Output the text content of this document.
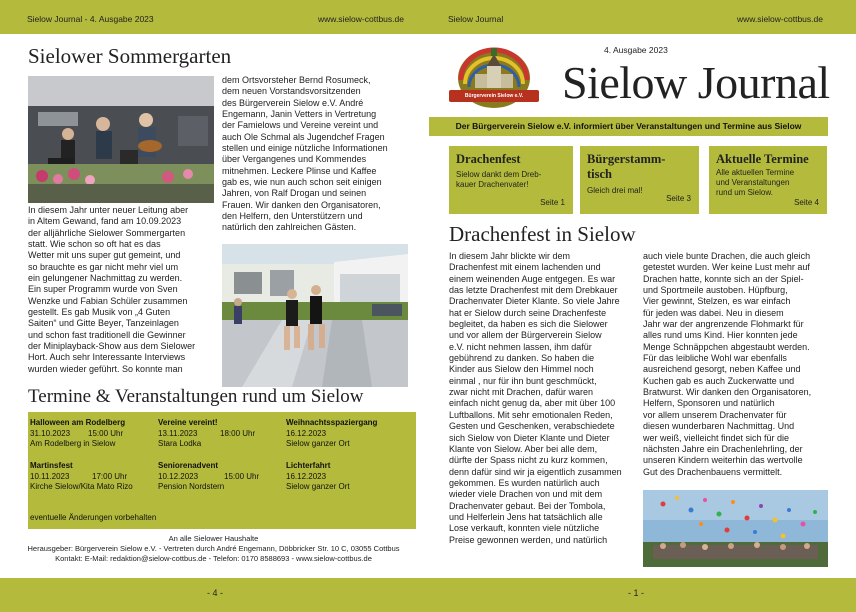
Sielow Journal - 4. Ausgabe 2023	www.sielow-cottbus.de	Sielow Journal	www.sielow-cottbus.de
- 4 -	- 1 -
Sielower Sommergarten
In diesem Jahr unter neuer Leitung aber
in Altem Gewand, fand am 10.09.2023
der alljährliche Sielower Sommergarten
statt. Wie schon so oft hat es das
Wetter mit uns super gut gemeint, und
so brauchte es gar nicht mehr viel um
ein gelungener Nachmittag zu werden.
Ein super Programm wurde von Sven
Wenzke und Fabian Schüler zusammen
gestellt. Es gab Musik von „4 Guten
Saiten“ und Gitte Beyer, Tanzeinlagen
und schon fast traditionell die Gewinner
der Miniplayback-Show aus dem Sielower
Hort. Auch sehr Interessante Interviews
wurden wieder geführt. So konnte man
dem Ortsvorsteher Bernd Rosumeck,
dem neuen Vorstandsvorsitzenden
des Bürgerverein Sielow e.V. André
Engemann, Janin Vetters in Vertretung
der Famielows und Vereine vereint und
auch Ole Schmal als Jugendchef Fragen
stellen und einige nützliche Informationen
über Vergangenes und Kommendes
mitnehmen. Leckere Plinse und Kaffee
gab es, wie nun auch schon seit einigen
Jahren, von Ralf Drogan und seinen
Frauen. Wir danken den Organisatoren,
den Helfern, den Unterstützern und
natürlich den zahlreichen Gästen.
Termine & Veranstaltungen rund um Sielow
Halloween am Rodelberg
31.10.2023	15:00 Uhr
Am Rodelberg in Sielow
Vereine vereint!
13.11.2023	18:00 Uhr
Stara Lodka
Weihnachtsspaziergang
16.12.2023
Sielow ganzer Ort
Martinsfest
10.11.2023	17:00 Uhr
Kirche Sielow/Kita Mato Rizo
Seniorenadvent
10.12.2023	15:00 Uhr
Pension Nordstern
Lichterfahrt
16.12.2023
Sielow ganzer Ort
eventuelle Änderungen vorbehalten
An alle Sielower Haushalte
Herausgeber: Bürgerverein Sielow e.V. - Vertreten durch André Engemann, Döbbricker Str. 10 C, 03055 Cottbus
Kontakt: E-Mail: redaktion@sielow-cottbus.de - Telefon: 0170 8588693 - www.sielow-cottbus.de
Bürgerverein Sielow e.V.
4. Ausgabe 2023
Sielow Journal
Der Bürgerverein Sielow e.V. informiert über Veranstaltungen und Termine aus Sielow
Drachenfest
Sielow dankt dem Dreb-
kauer Drachenvater!
Seite 1
Bürgerstamm-
tisch
Gleich drei mal!
Seite 3
Aktuelle Termine
Alle aktuellen Termine
und Veranstaltungen
rund um Sielow.
Seite 4
Drachenfest in Sielow
In diesem Jahr blickte wir dem
Drachenfest mit einem lachenden und
einem weinenden Auge entgegen. Es war
das letzte Drachenfest mit dem Drebkauer
Drachenvater Dieter Klante. So viele Jahre
hat er Sielow durch seine Drachenfeste
begleitet, da haben es sich die Sielower
und vor allem der Bürgerverein Sielow
e.V. nicht nehmen lassen, ihm dafür
gebührend zu danken. So haben die
Kinder aus Sielow den Himmel noch
einmal , nur für ihn bunt geschmückt,
zwar nicht mit Drachen, dafür waren
einfach nicht genug da, aber mit über 100
Luftballons. Mit sehr emotionalen Reden,
Gesten und Geschenken, verabschiedete
sich Sielow von Dieter Klante und Dieter
Klante von Sielow. Aber bei alle dem,
dürfte der Spass nicht zu kurz kommen,
denn dafür sind wir ja eigentlich zusammen
gekommen. Es wurden natürlich auch
wieder viele Drachen von und mit dem
Drachenvater gebaut. Bei der Tombola,
und Helferlein Jens hat tatsächlich alle
Lose verkauft, konnten viele nützliche
Preise gewonnen werden, und natürlich
auch viele bunte Drachen, die auch gleich
getestet wurden. Wer keine Lust mehr auf
Drachen hatte, konnte sich an der Spiel-
und Sportmeile austoben. Hüpfburg,
Vier gewinnt, Stelzen, es war einfach
für jeden was dabei. Neu in diesem
Jahr war der angrenzende Flohmarkt für
alles rund ums Kind. Hier konnten jede
Menge Schnäppchen abgestaubt werden.
Für das leibliche Wohl war ebenfalls
ausreichend gesorgt, neben Kaffee und
Kuchen gab es auch Zuckerwatte und
Bratwurst. Wir danken den Organisatoren,
Helfern, Sponsoren und natürlich
vor allem unserem Drachenvater für
diesen wunderbaren Nachmittag. Und
wer weiß, vielleicht findet sich für die
nächsten Jahre ein Drachenlehrling, der
unseren Kindern weiterhin das wertvolle
Gut des Drachenbauens vermittelt.
